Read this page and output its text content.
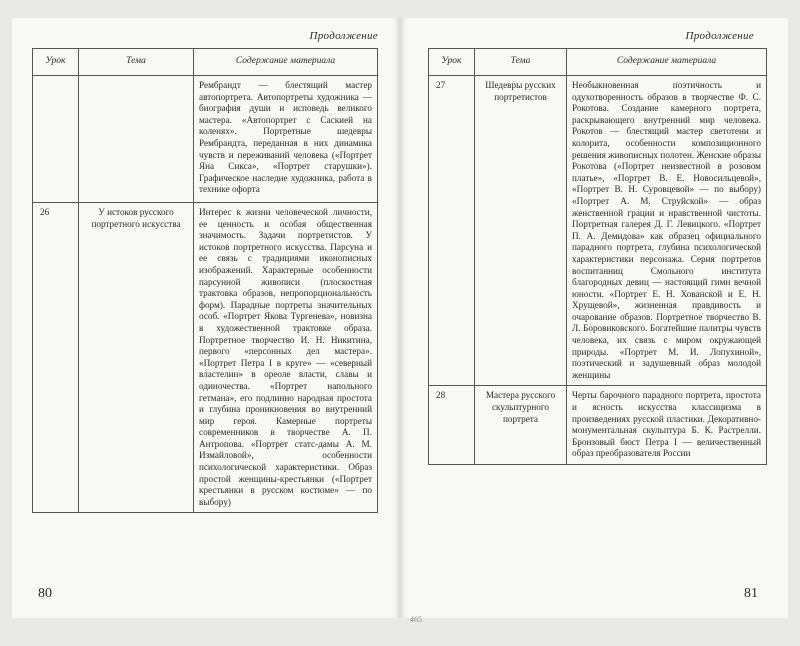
Продолжение
Урок	Тема	Содержание материала
		Рембрандт — блестящий мастер автопортрета. Автопортреты художника — биография души и исповедь великого мастера. «Автопортрет с Саскией на коленях». Портретные шедевры Рембрандта, переданная в них динамика чувств и переживаний человека («Портрет Яна Сикса», «Портрет старушки»). Графическое наследие художника, работа в технике офорта
26	У истоков русского портретного искусства	Интерес к жизни человеческой личности, ее ценность и особая общественная значимость. Задачи портретистов. У истоков портретного искусства. Парсуна и ее связь с традициями иконописных изображений. Характерные особенности парсунной живописи (плоскостная трактовка образов, непропорциональность форм). Парадные портреты значительных особ. «Портрет Якова Тургенева», новизна в художественной трактовке образа. Портретное творчество И. Н. Никитина, первого «персонных дел мастера». «Портрет Петра I в круге» — «северный властелин» в ореоле власти, славы и одиночества. «Портрет напольного гетмана», его подлинно народная простота и глубина проникновения во внутренний мир героя. Камерные портреты современников в творчестве А. П. Антропова. «Портрет статс-дамы А. М. Измайловой», особенности психологической характеристики. Образ простой женщины-крестьянки («Портрет крестьянки в русском костюме» — по выбору)
80
Продолжение
Урок	Тема	Содержание материала
27	Шедевры русских портретистов	Необыкновенная поэтичность и одухотворенность образов в творчестве Ф. С. Рокотова. Создание камерного портрета, раскрывающего внутренний мир человека. Рокотов — блестящий мастер светотени и колорита, особенности композиционного решения живописных полотен. Женские образы Рокотова («Портрет неизвестной в розовом платье», «Портрет В. Е. Новосильцевой», «Портрет В. Н. Суровцевой» — по выбору) «Портрет А. М. Струйской» — образ женственной грации и нравственной чистоты. Портретная галерея Д. Г. Левицкого. «Портрет П. А. Демидова» как образец официального парадного портрета, глубина психологической характеристики персонажа. Серия портретов воспитанниц Смольного института благородных девиц — настоящий гимн вечной юности. «Портрет Е. Н. Хованской и Е. Н. Хрущевой», жизненная правдивость и очарование образов. Портретное творчество В. Л. Боровиковского. Богатейшие палитры чувств человека, их связь с миром окружающей природы. «Портрет М. И. Лопухиной», поэтический и задушевный образ молодой женщины
28	Мастера русского скульптурного портрета	Черты барочного парадного портрета, простота и ясность искусства классицизма в произведениях русской пластики. Декоративно-монументальная скульптура Б. К. Растрелли. Бронзовый бюст Петра I — величественный образ преобразователя России
81
465
